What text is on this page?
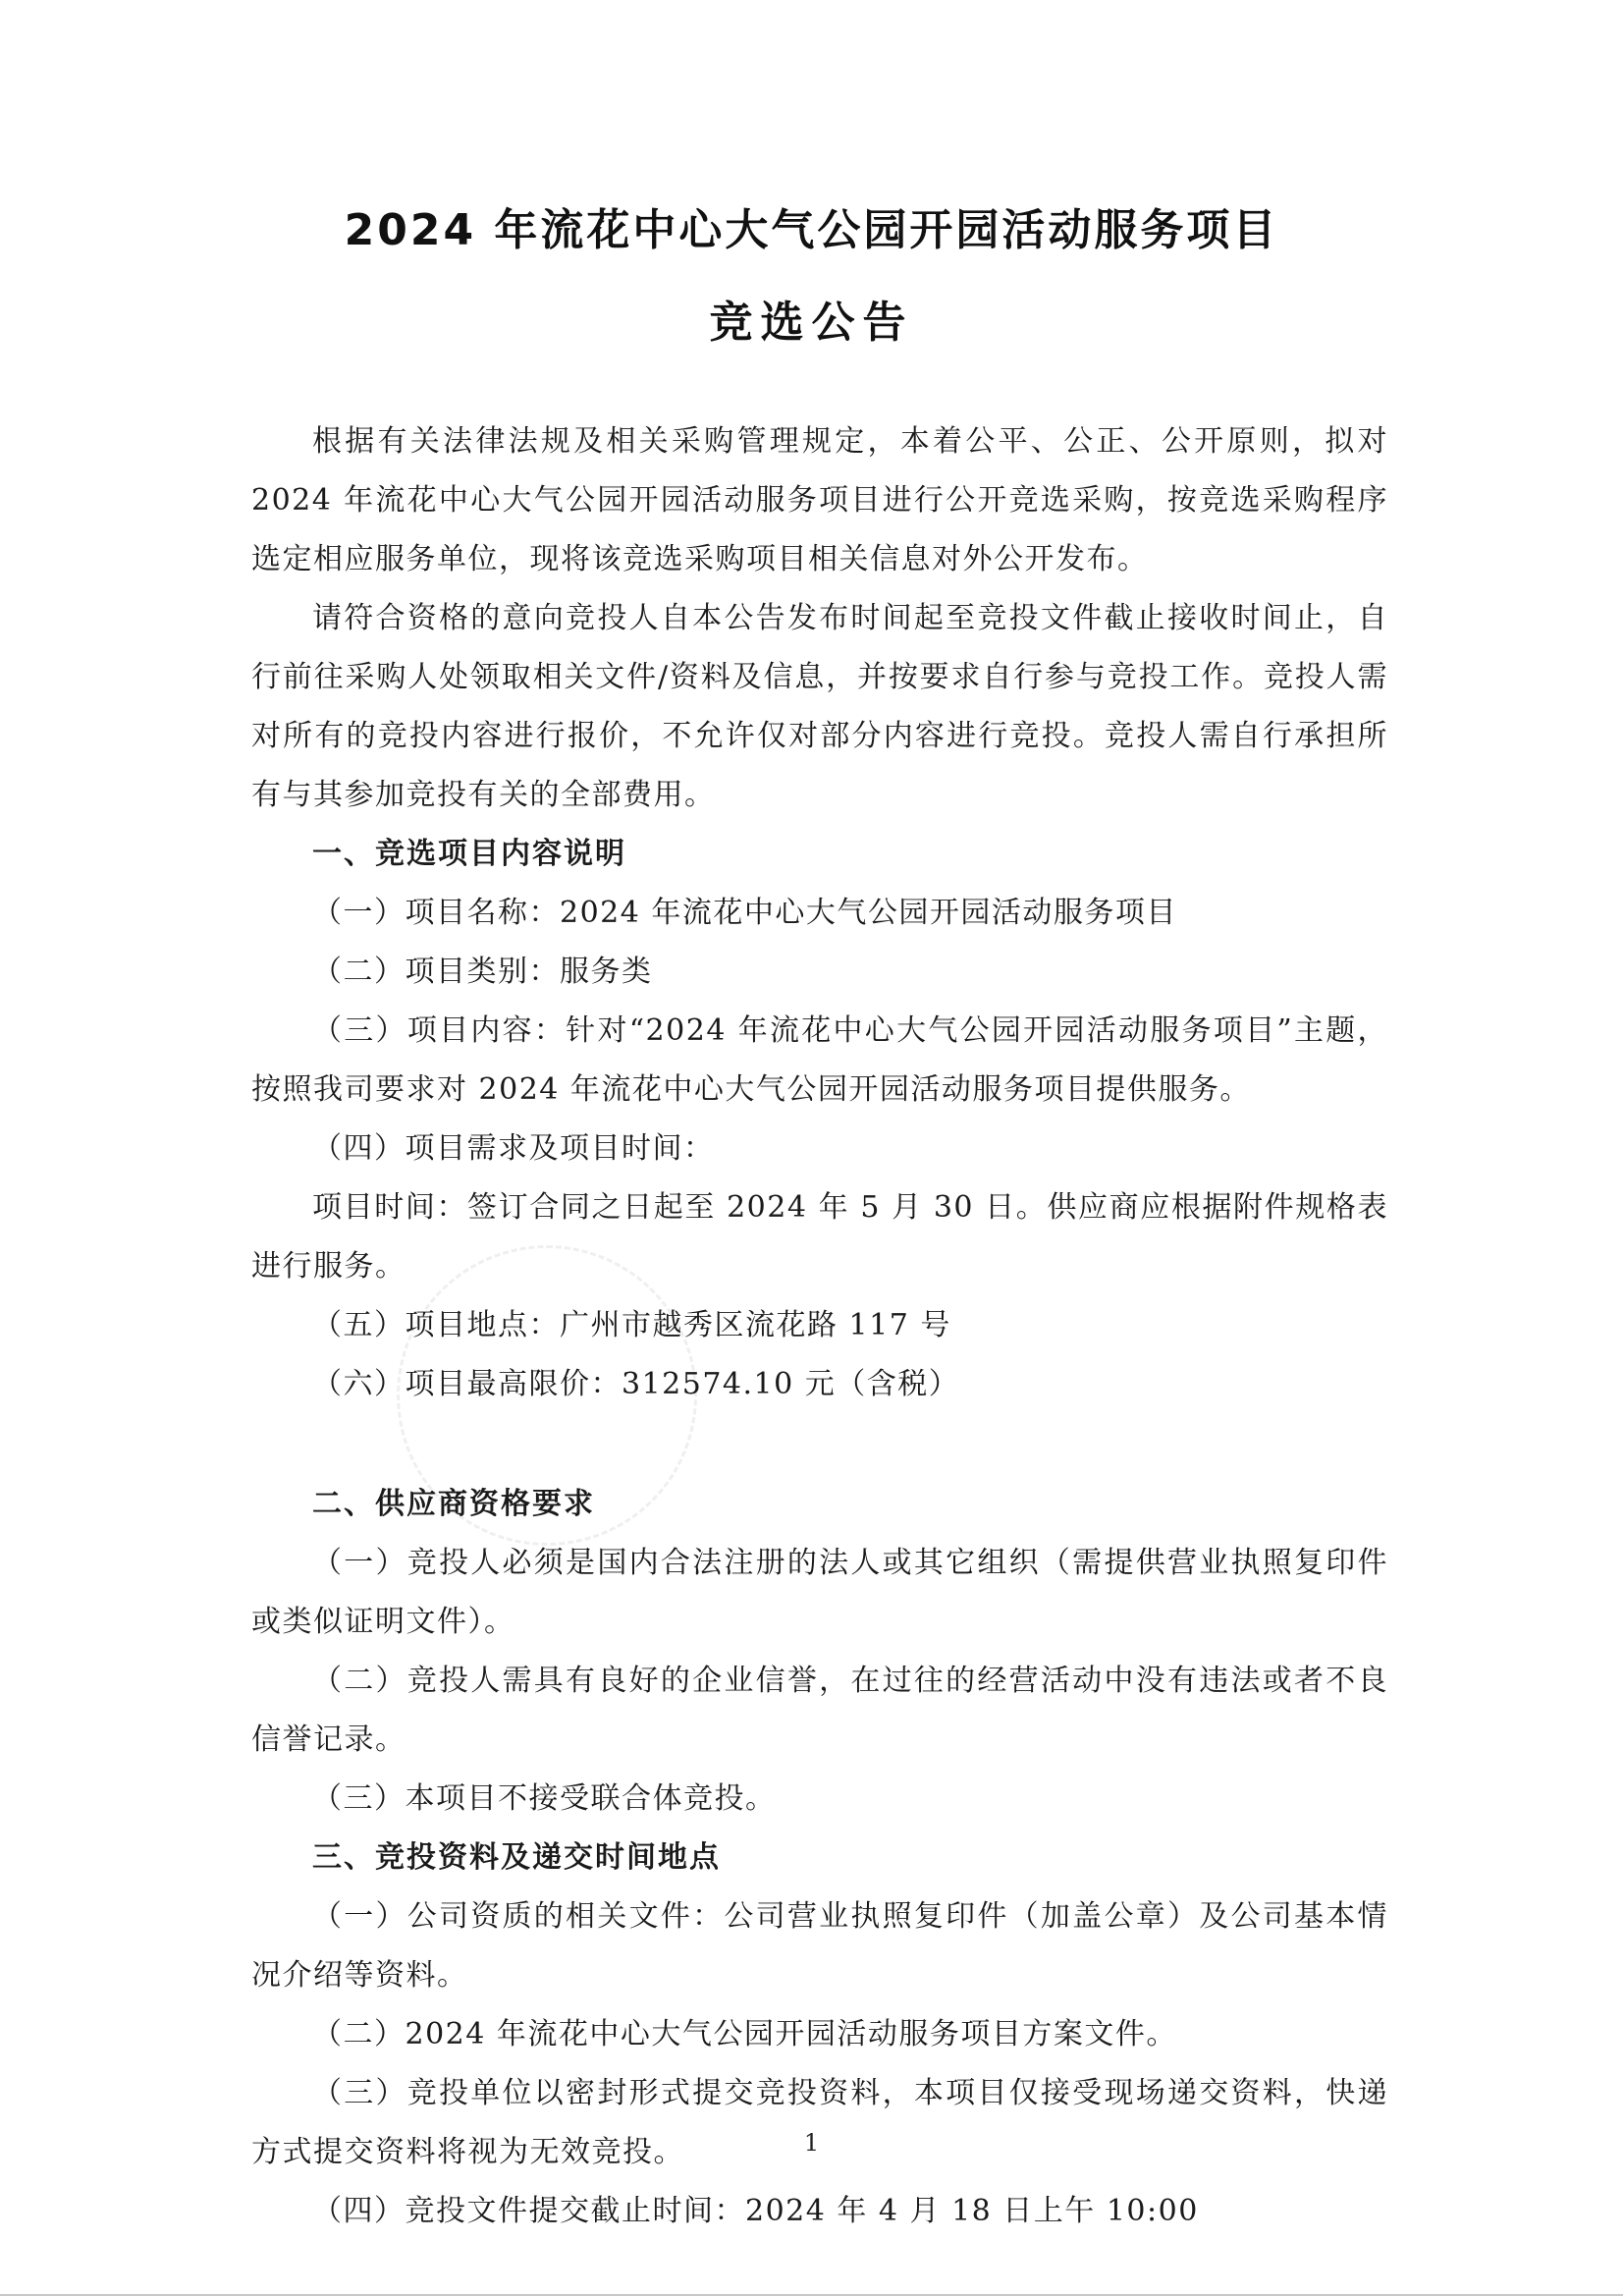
2024 年流花中心大气公园开园活动服务项目
竞选公告

根据有关法律法规及相关采购管理规定，本着公平、公正、公开原则，拟对2024 年流花中心大气公园开园活动服务项目进行公开竞选采购，按竞选采购程序选定相应服务单位，现将该竞选采购项目相关信息对外公开发布。

请符合资格的意向竞投人自本公告发布时间起至竞投文件截止接收时间止，自行前往采购人处领取相关文件/资料及信息，并按要求自行参与竞投工作。竞投人需对所有的竞投内容进行报价，不允许仅对部分内容进行竞投。竞投人需自行承担所有与其参加竞投有关的全部费用。

一、竞选项目内容说明

（一）项目名称：2024 年流花中心大气公园开园活动服务项目

（二）项目类别：服务类

（三）项目内容：针对“2024 年流花中心大气公园开园活动服务项目”主题，按照我司要求对 2024 年流花中心大气公园开园活动服务项目提供服务。

（四）项目需求及项目时间：

项目时间：签订合同之日起至 2024 年 5 月 30 日。供应商应根据附件规格表进行服务。

（五）项目地点：广州市越秀区流花路 117 号

（六）项目最高限价：312574.10 元（含税）

二、供应商资格要求

（一）竞投人必须是国内合法注册的法人或其它组织（需提供营业执照复印件或类似证明文件）。

（二）竞投人需具有良好的企业信誉，在过往的经营活动中没有违法或者不良信誉记录。

（三）本项目不接受联合体竞投。

三、竞投资料及递交时间地点

（一）公司资质的相关文件：公司营业执照复印件（加盖公章）及公司基本情况介绍等资料。

（二）2024 年流花中心大气公园开园活动服务项目方案文件。

（三）竞投单位以密封形式提交竞投资料，本项目仅接受现场递交资料，快递方式提交资料将视为无效竞投。

（四）竞投文件提交截止时间：2024 年 4 月 18 日上午 10:00

1
